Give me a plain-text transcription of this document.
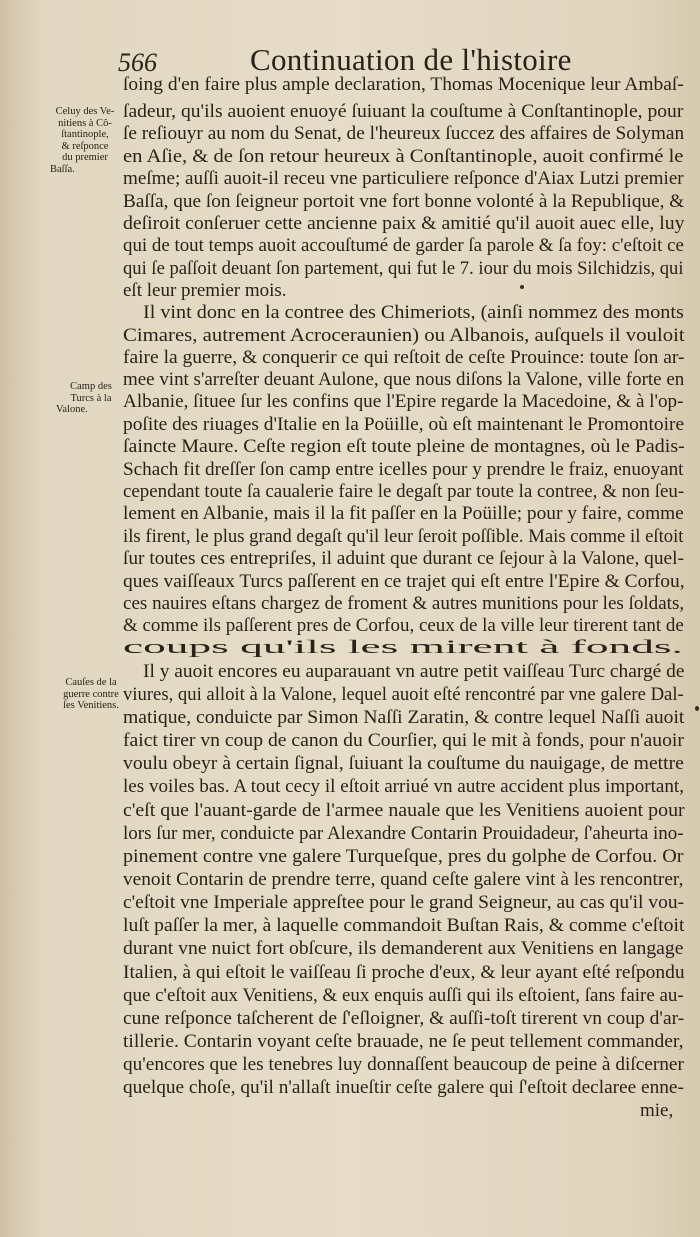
566	Continuation de l'histoire
Celuy des Ve-
nitiens à Cô-
ſtantinople,
& reſponce
du premier
Baſſa.
Camp des
Turcs à la
Valone.
Cauſes de la
guerre contre
ſes Venitiens.
ſoing d'en faire plus ample declaration, Thomas Mocenique leur Ambaſ-
ſadeur, qu'ils auoient enuoyé ſuiuant la couſtume à Conſtantinople, pour
ſe reſiouyr au nom du Senat, de l'heureux ſuccez des affaires de Solyman
en Aſie, & de ſon retour heureux à Conſtantinople, auoit confirmé le
meſme; auſſi auoit-il receu vne particuliere reſponce d'Aiax Lutzi premier
Baſſa, que ſon ſeigneur portoit vne fort bonne volonté à la Republique, &
deſiroit conſeruer cette ancienne paix & amitié qu'il auoit auec elle, luy
qui de tout temps auoit accouſtumé de garder ſa parole & ſa foy: c'eſtoit ce
qui ſe paſſoit deuant ſon partement, qui fut le 7. iour du mois Silchidzis, qui
eſt leur premier mois.
Il vint donc en la contree des Chimeriots, (ainſi nommez des monts
Cimares, autrement Acroceraunien) ou Albanois, auſquels il vouloit
faire la guerre, & conquerir ce qui reſtoit de ceſte Prouince: toute ſon ar-
mee vint s'arreſter deuant Aulone, que nous diſons la Valone, ville forte en
Albanie, ſituee ſur les confins que l'Epire regarde la Macedoine, & à l'op-
poſite des riuages d'Italie en la Poüille, où eſt maintenant le Promontoire
ſaincte Maure. Ceſte region eſt toute pleine de montagnes, où le Padis-
Schach fit dreſſer ſon camp entre icelles pour y prendre le fraiz, enuoyant
cependant toute ſa caualerie faire le degaſt par toute la contree, & non ſeu-
lement en Albanie, mais il la fit paſſer en la Poüille; pour y faire, comme
ils firent, le plus grand degaſt qu'il leur ſeroit poſſible. Mais comme il eſtoit
ſur toutes ces entrepriſes, il aduint que durant ce ſejour à la Valone, quel-
ques vaiſſeaux Turcs paſſerent en ce trajet qui eſt entre l'Epire & Corfou,
ces nauires eſtans chargez de froment & autres munitions pour les ſoldats,
& comme ils paſſerent pres de Corfou, ceux de la ville leur tirerent tant de
coups qu'ils les mirent à fonds.
Il y auoit encores eu auparauant vn autre petit vaiſſeau Turc chargé de
viures, qui alloit à la Valone, lequel auoit eſté rencontré par vne galere Dal-
matique, conduicte par Simon Naſſi Zaratin, & contre lequel Naſſi auoit
faict tirer vn coup de canon du Courſier, qui le mit à fonds, pour n'auoir
voulu obeyr à certain ſignal, ſuiuant la couſtume du nauigage, de mettre
les voiles bas. A tout cecy il eſtoit arriué vn autre accident plus important,
c'eſt que l'auant-garde de l'armee nauale que les Venitiens auoient pour
lors ſur mer, conduicte par Alexandre Contarin Prouidadeur, ſ'aheurta ino-
pinement contre vne galere Turqueſque, pres du golphe de Corfou. Or
venoit Contarin de prendre terre, quand ceſte galere vint à les rencontrer,
c'eſtoit vne Imperiale appreſtee pour le grand Seigneur, au cas qu'il vou-
luſt paſſer la mer, à laquelle commandoit Buſtan Rais, & comme c'eſtoit
durant vne nuict fort obſcure, ils demanderent aux Venitiens en langage
Italien, à qui eſtoit le vaiſſeau ſi proche d'eux, & leur ayant eſté reſpondu
que c'eſtoit aux Venitiens, & eux enquis auſſi qui ils eſtoient, ſans faire au-
cune reſponce taſcherent de ſ'eſloigner, & auſſi-toſt tirerent vn coup d'ar-
tillerie. Contarin voyant ceſte brauade, ne ſe peut tellement commander,
qu'encores que les tenebres luy donnaſſent beaucoup de peine à diſcerner
quelque choſe, qu'il n'allaſt inueſtir ceſte galere qui ſ'eſtoit declaree enne-
mie,
